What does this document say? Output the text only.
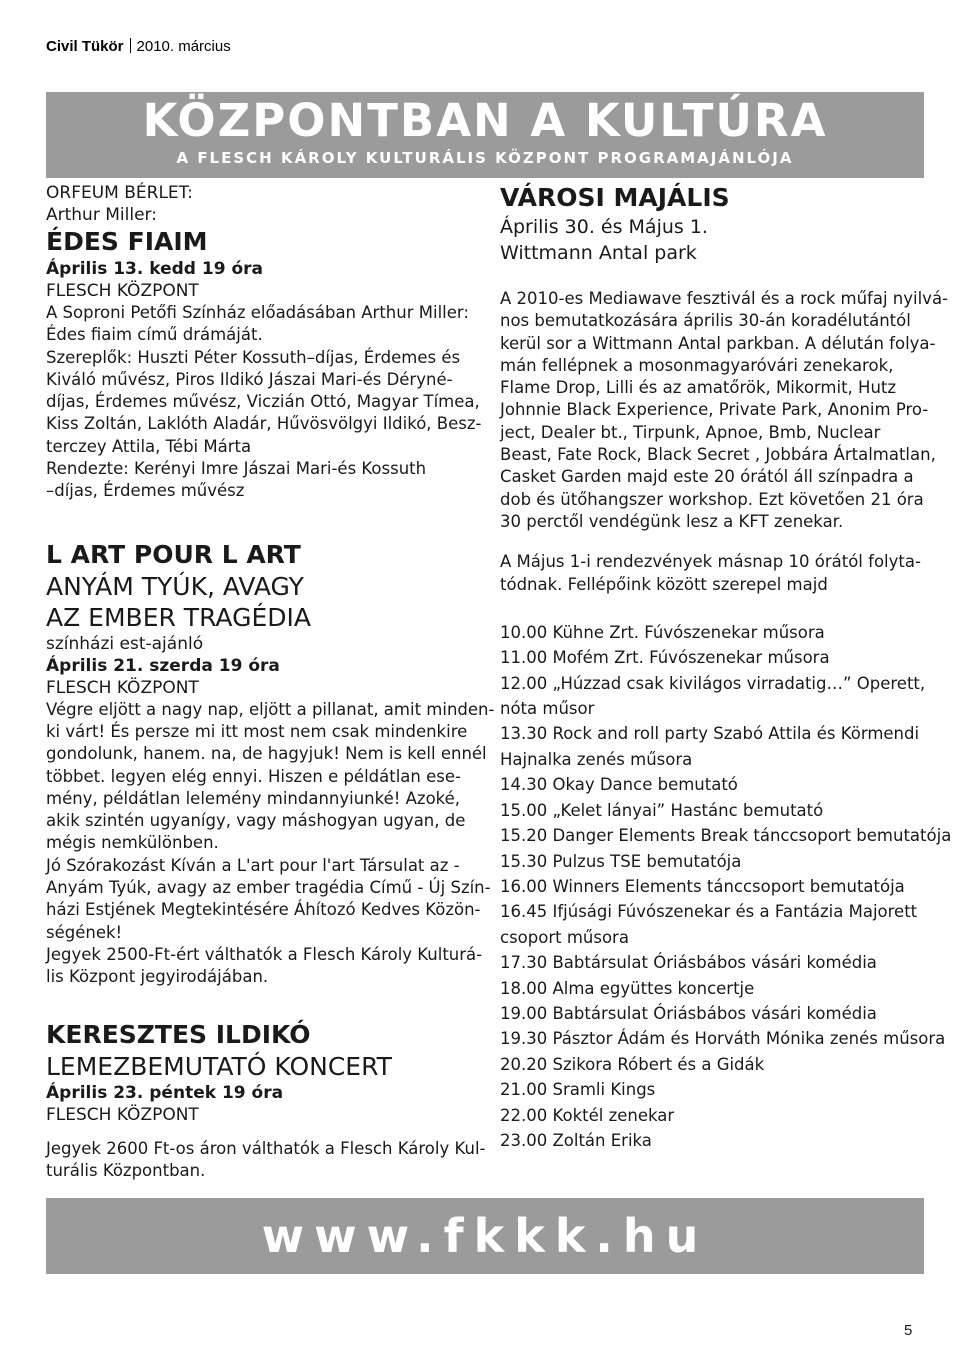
Civil Tükör 2010. március
KÖZPONTBAN A KULTÚRA
A FLESCH KÁROLY KULTURÁLIS KÖZPONT PROGRAMAJÁNLÓJA
ORFEUM BÉRLET:
Arthur Miller:
ÉDES FIAIM
Április 13. kedd 19 óra
FLESCH KÖZPONT
A Soproni Petőfi Színház előadásában Arthur Miller:
Édes fiaim című drámáját.
Szereplők: Huszti Péter Kossuth–díjas, Érdemes és
Kiváló művész, Piros Ildikó Jászai Mari-és Déryné-
díjas, Érdemes művész, Viczián Ottó, Magyar Tímea,
Kiss Zoltán, Laklóth Aladár, Hűvösvölgyi Ildikó, Besz-
terczey Attila, Tébi Márta
Rendezte: Kerényi Imre Jászai Mari-és Kossuth
–díjas, Érdemes művész
L ART POUR L ART
ANYÁM TYÚK, AVAGY
AZ EMBER TRAGÉDIA
színházi est-ajánló
Április 21. szerda 19 óra
FLESCH KÖZPONT
Végre eljött a nagy nap, eljött a pillanat, amit minden-
ki várt! És persze mi itt most nem csak mindenkire
gondolunk, hanem. na, de hagyjuk! Nem is kell ennél
többet. legyen elég ennyi. Hiszen e példátlan ese-
mény, példátlan lelemény mindannyiunké! Azoké,
akik szintén ugyanígy, vagy máshogyan ugyan, de
mégis nemkülönben.
Jó Szórakozást Kíván a L'art pour l'art Társulat az -
Anyám Tyúk, avagy az ember tragédia Című - Új Szín-
házi Estjének Megtekintésére Áhítozó Kedves Közön-
ségének!
Jegyek 2500-Ft-ért válthatók a Flesch Károly Kulturá-
lis Központ jegyirodájában.
KERESZTES ILDIKÓ
LEMEZBEMUTATÓ KONCERT
Április 23. péntek 19 óra
FLESCH KÖZPONT
Jegyek 2600 Ft-os áron válthatók a Flesch Károly Kul-
turális Központban.
VÁROSI MAJÁLIS
Április 30. és Május 1.
Wittmann Antal park
A 2010-es Mediawave fesztivál és a rock műfaj nyilvá-
nos bemutatkozására április 30-án koradélutántól
kerül sor a Wittmann Antal parkban. A délután folya-
mán fellépnek a mosonmagyaróvári zenekarok,
Flame Drop, Lilli és az amatőrök, Mikormit, Hutz
Johnnie Black Experience, Private Park, Anonim Pro-
ject, Dealer bt., Tirpunk, Apnoe, Bmb, Nuclear
Beast, Fate Rock, Black Secret , Jobbára Ártalmatlan,
Casket Garden majd este 20 órától áll színpadra a
dob és ütőhangszer workshop. Ezt követően 21 óra
30 perctől vendégünk lesz a KFT zenekar.
A Május 1-i rendezvények másnap 10 órától folyta-
tódnak. Fellépőink között szerepel majd
10.00 Kühne Zrt. Fúvószenekar műsora
11.00 Mofém Zrt. Fúvószenekar műsora
12.00 „Húzzad csak kivilágos virradatig…” Operett,
nóta műsor
13.30 Rock and roll party Szabó Attila és Körmendi
Hajnalka zenés műsora
14.30 Okay Dance bemutató
15.00 „Kelet lányai” Hastánc bemutató
15.20 Danger Elements Break tánccsoport bemutatója
15.30 Pulzus TSE bemutatója
16.00 Winners Elements tánccsoport bemutatója
16.45 Ifjúsági Fúvószenekar és a Fantázia Majorett
csoport műsora
17.30 Babtársulat Óriásbábos vásári komédia
18.00 Alma együttes koncertje
19.00 Babtársulat Óriásbábos vásári komédia
19.30 Pásztor Ádám és Horváth Mónika zenés műsora
20.20 Szikora Róbert és a Gidák
21.00 Sramli Kings
22.00 Koktél zenekar
23.00 Zoltán Erika
www.fkkk.hu
5
